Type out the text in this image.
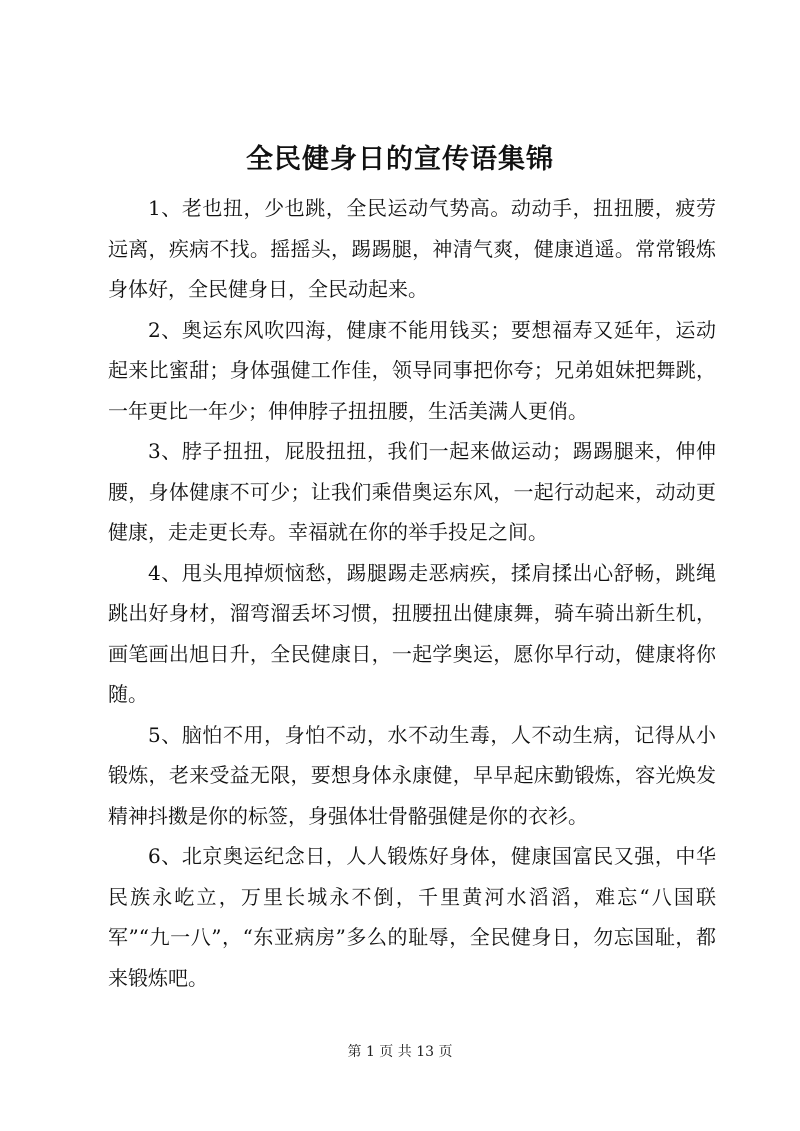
全民健身日的宣传语集锦

1、老也扭，少也跳，全民运动气势高。动动手，扭扭腰，疲劳远离，疾病不找。摇摇头，踢踢腿，神清气爽，健康逍遥。常常锻炼身体好，全民健身日，全民动起来。

2、奥运东风吹四海，健康不能用钱买；要想福寿又延年，运动起来比蜜甜；身体强健工作佳，领导同事把你夸；兄弟姐妹把舞跳，一年更比一年少；伸伸脖子扭扭腰，生活美满人更俏。

3、脖子扭扭，屁股扭扭，我们一起来做运动；踢踢腿来，伸伸腰，身体健康不可少；让我们乘借奥运东风，一起行动起来，动动更健康，走走更长寿。幸福就在你的举手投足之间。

4、甩头甩掉烦恼愁，踢腿踢走恶病疾，揉肩揉出心舒畅，跳绳跳出好身材，溜弯溜丢坏习惯，扭腰扭出健康舞，骑车骑出新生机，画笔画出旭日升，全民健康日，一起学奥运，愿你早行动，健康将你随。

5、脑怕不用，身怕不动，水不动生毒，人不动生病，记得从小锻炼，老来受益无限，要想身体永康健，早早起床勤锻炼，容光焕发精神抖擞是你的标签，身强体壮骨骼强健是你的衣衫。

6、北京奥运纪念日，人人锻炼好身体，健康国富民又强，中华民族永屹立，万里长城永不倒，千里黄河水滔滔，难忘“八国联军”“九一八”，“东亚病房”多么的耻辱，全民健身日，勿忘国耻，都来锻炼吧。

第 1 页 共 13 页
